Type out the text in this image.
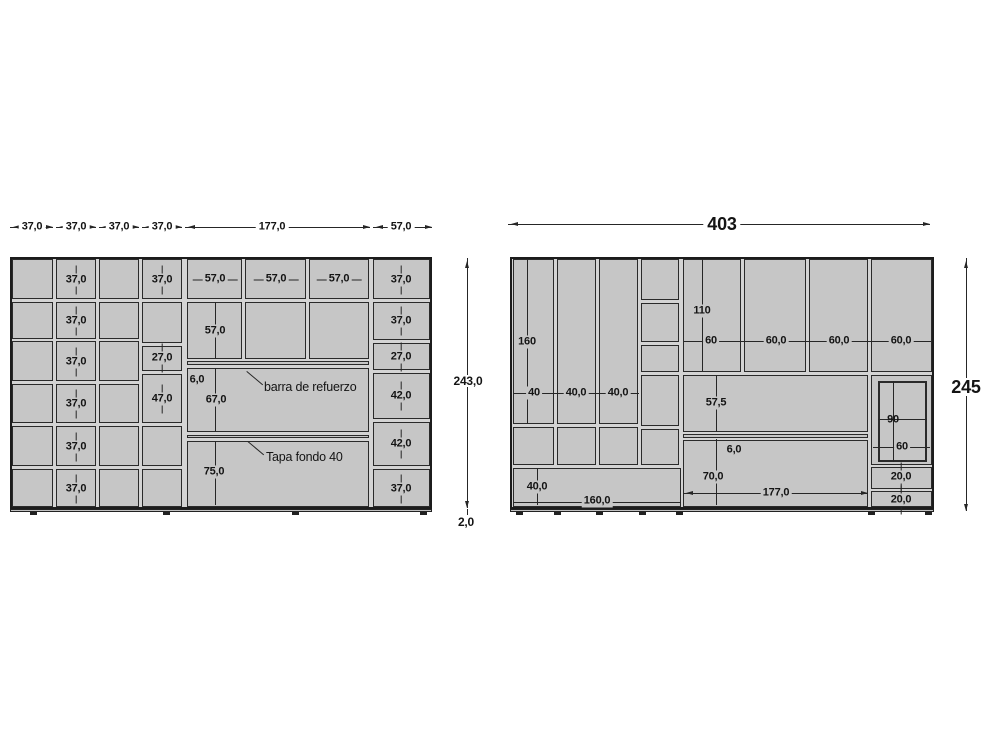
37,0 37,0 37,0 37,0	177,0	57,0
37,0
37,0
37,0
37,0
37,0
37,0
37,0
27,0
47,0
57,0	57,0	57,0
57,0
6,0
67,0
75,0
37,0
37,0
27,0
42,0
42,0
37,0
barra de refuerzo
Tapa fondo 40
243,0
2,0
403
245
160
40 40,0 40,0
40,0
160,0
110
60	60,0	60,0	60,0
57,5
6,0
70,0
177,0
90
60
20,0
20,0
